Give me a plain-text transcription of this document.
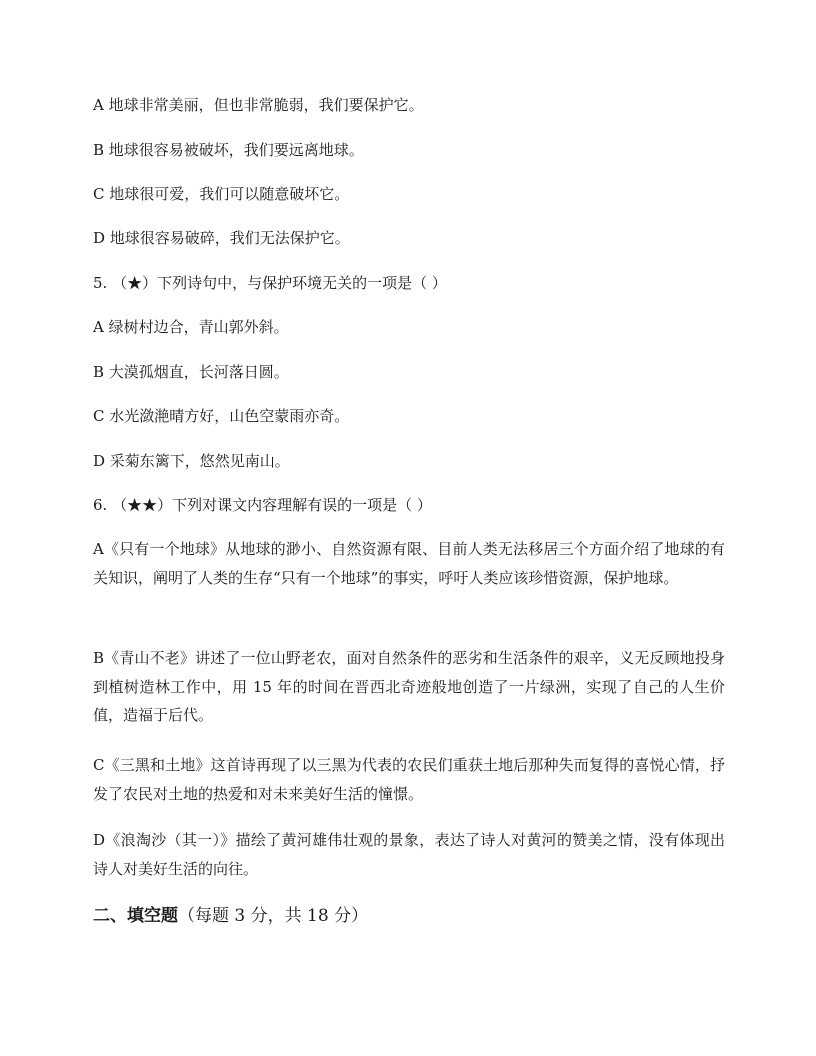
A 地球非常美丽，但也非常脆弱，我们要保护它。
B 地球很容易被破坏，我们要远离地球。
C 地球很可爱，我们可以随意破坏它。
D 地球很容易破碎，我们无法保护它。
5. （★）下列诗句中，与保护环境无关的一项是（ ）
A 绿树村边合，青山郭外斜。
B 大漠孤烟直，长河落日圆。
C 水光潋滟晴方好，山色空蒙雨亦奇。
D 采菊东篱下，悠然见南山。
6. （★★）下列对课文内容理解有误的一项是（ ）
A《只有一个地球》从地球的渺小、自然资源有限、目前人类无法移居三个方面介绍了地球的有关知识，阐明了人类的生存“只有一个地球”的事实，呼吁人类应该珍惜资源，保护地球。
B《青山不老》讲述了一位山野老农，面对自然条件的恶劣和生活条件的艰辛，义无反顾地投身到植树造林工作中，用 15 年的时间在晋西北奇迹般地创造了一片绿洲，实现了自己的人生价值，造福于后代。
C《三黑和土地》这首诗再现了以三黑为代表的农民们重获土地后那种失而复得的喜悦心情，抒发了农民对土地的热爱和对未来美好生活的憧憬。
D《浪淘沙（其一）》描绘了黄河雄伟壮观的景象，表达了诗人对黄河的赞美之情，没有体现出诗人对美好生活的向往。
二、填空题（每题 3 分，共 18 分）
